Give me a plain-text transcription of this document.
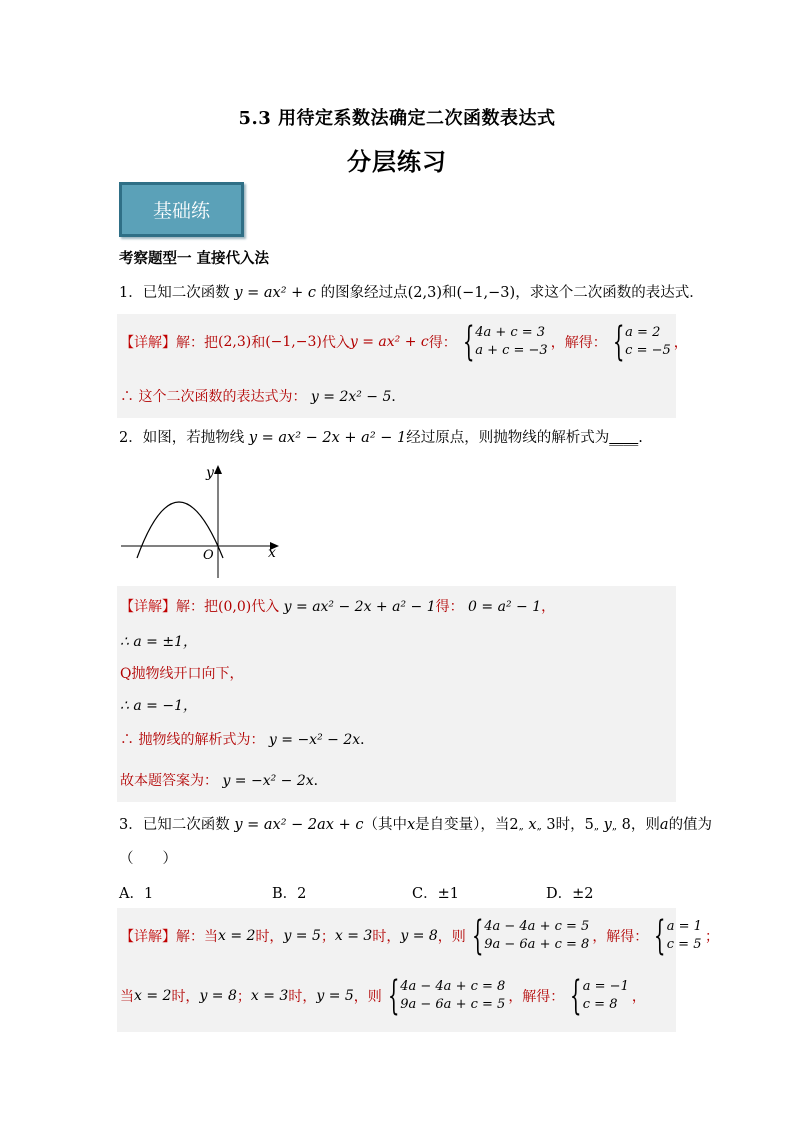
5.3 用待定系数法确定二次函数表达式
分层练习
基础练
考察题型一 直接代入法
1．已知二次函数 y = ax² + c 的图象经过点(2,3)和(−1,−3)，求这个二次函数的表达式．
【详解】 解：把 (2,3) 和 (−1,−3) 代入 y = ax² + c 得： { 4a + c = 3
a + c = −3 ，解得： { a = 2
c = −5 ，
∴ 这个二次函数的表达式为： y = 2x² − 5．
2．如图，若抛物线 y = ax² − 2x + a² − 1经过原点，则抛物线的解析式为____.
y
x
O
【详解】解：把(0,0)代入 y = ax² − 2x + a² − 1得： 0 = a² − 1，
∴ a = ±1，
Q抛物线开口向下，
∴ a = −1，
∴ 抛物线的解析式为： y = −x² − 2x．
故本题答案为： y = −x² − 2x．
3．已知二次函数 y = ax² − 2ax + c（其中x是自变量），当2„ x„ 3时，5„ y„ 8，则a的值为
（　　）
A．1	B．2	C．±1	D．±2
【详解】 解：当 x = 2 时， y = 5 ； x = 3 时， y = 8 ，则 { 4a − 4a + c = 5
9a − 6a + c = 8 ，解得： { a = 1
c = 5 ；
当 x = 2 时， y = 8 ； x = 3 时， y = 5 ，则 { 4a − 4a + c = 8
9a − 6a + c = 5 ，解得： { a = −1
c = 8	，
